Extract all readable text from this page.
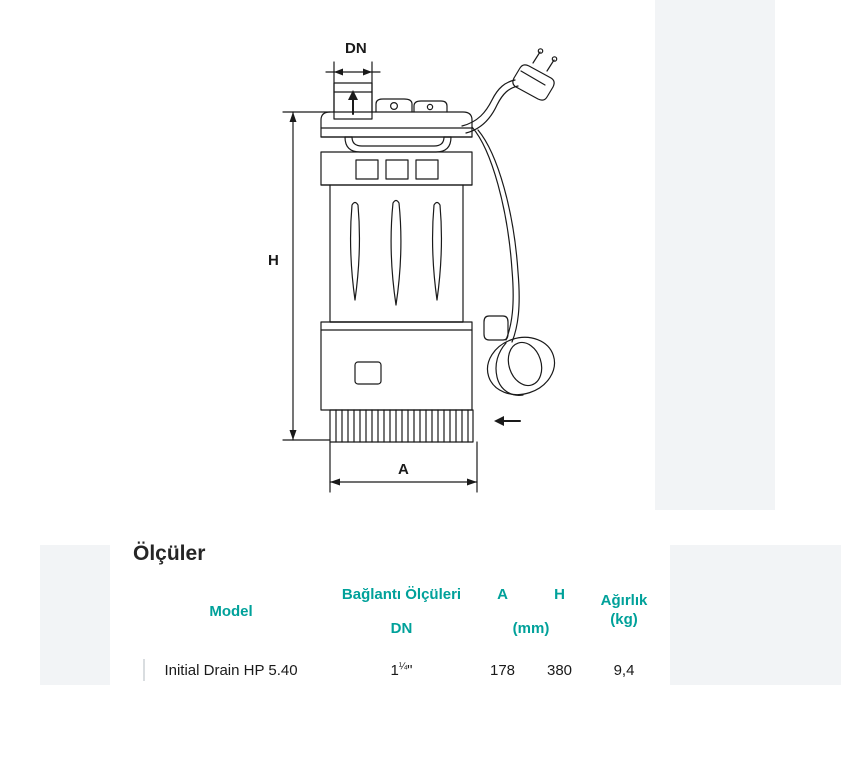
DN
H
A
Ölçüler
Model	Bağlantı Ölçüleri	A	H	Ağırlık
(kg)
	DN	(mm)		
Initial Drain HP 5.40	$1^{\frac{1}{4}}$"	178	380	9,4
